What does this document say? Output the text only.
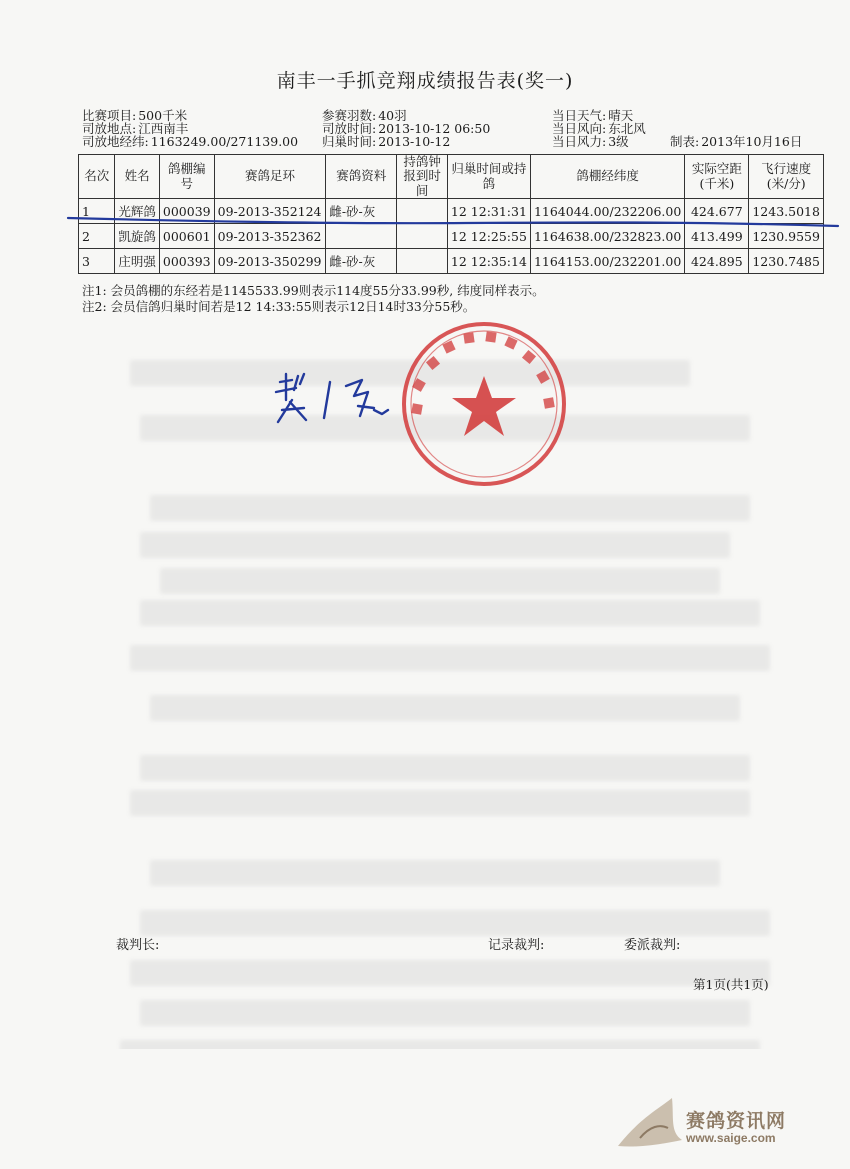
南丰一手抓竞翔成绩报告表(奖一)
比赛项目: 500千米	参赛羽数: 40羽	当日天气: 晴天
司放地点: 江西南丰	司放时间: 2013-10-12 06:50	当日风向: 东北风
司放地经纬: 1163249.00/271139.00 归巢时间: 2013-10-12	当日风力: 3级	制表: 2013年10月16日
名次	姓名	鸽棚编号	赛鸽足环	赛鸽资料	持鸽钟报到时间	归巢时间或持鸽	鸽棚经纬度	实际空距(千米)	飞行速度(米/分)
1	光辉鸽	000039	09-2013-352124	雌-砂-灰		12 12:31:31	1164044.00/232206.00	424.677	1243.5018
2	凯旋鸽	000601	09-2013-352362			12 12:25:55	1164638.00/232823.00	413.499	1230.9559
3	庄明强	000393	09-2013-350299	雌-砂-灰		12 12:35:14	1164153.00/232201.00	424.895	1230.7485
注1: 会员鸽棚的东经若是1145533.99则表示114度55分33.99秒, 纬度同样表示。
注2: 会员信鸽归巢时间若是12 14:33:55则表示12日14时33分55秒。
裁判长:	记录裁判:	委派裁判:
第1页(共1页)
赛鸽资讯网
www.saige.com
